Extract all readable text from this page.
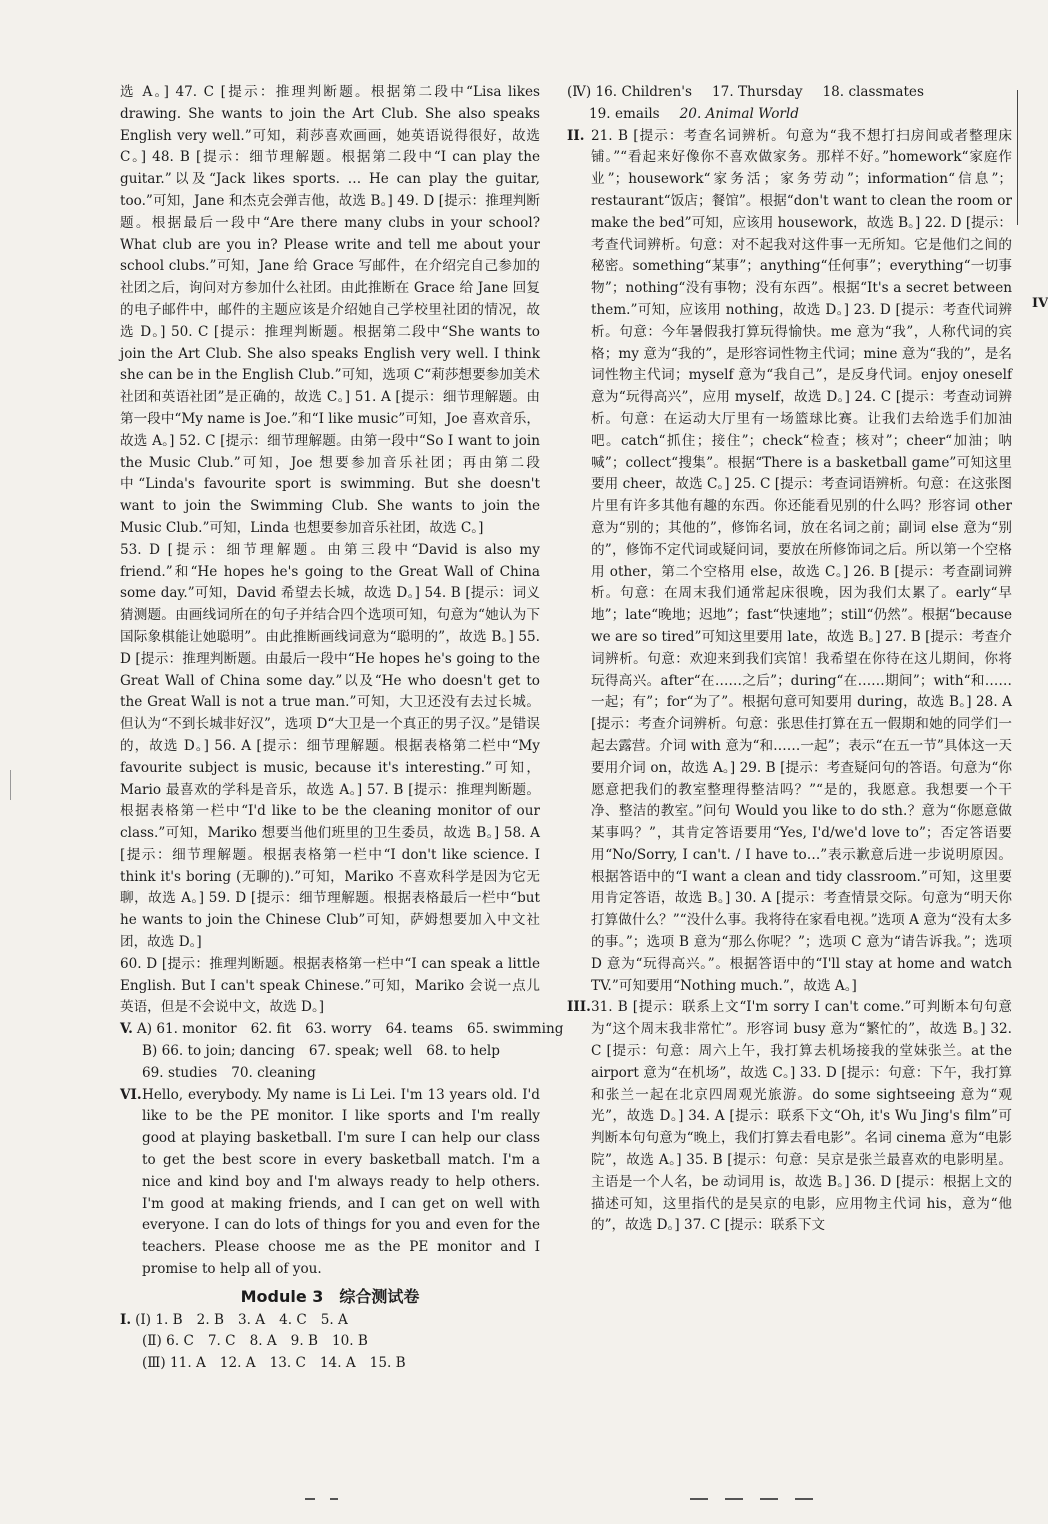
IV

选 A。] 47. C [提示：推理判断题。根据第二段中“Lisa likes drawing. She wants to join the Art Club. She also speaks English very well.”可知，莉莎喜欢画画，她英语说得很好，故选 C。] 48. B [提示：细节理解题。根据第二段中“I can play the guitar.”以及“Jack likes sports. … He can play the guitar, too.”可知，Jane 和杰克会弹吉他，故选 B。] 49. D [提示：推理判断题。根据最后一段中“Are there many clubs in your school? What club are you in? Please write and tell me about your school clubs.”可知，Jane 给 Grace 写邮件，在介绍完自己参加的社团之后，询问对方参加什么社团。由此推断在 Grace 给 Jane 回复的电子邮件中，邮件的主题应该是介绍她自己学校里社团的情况，故选 D。] 50. C [提示：推理判断题。根据第二段中“She wants to join the Art Club. She also speaks English very well. I think she can be in the English Club.”可知，选项 C“莉莎想要参加美术社团和英语社团”是正确的，故选 C。] 51. A [提示：细节理解题。由第一段中“My name is Joe.”和“I like music”可知，Joe 喜欢音乐，故选 A。] 52. C [提示：细节理解题。由第一段中“So I want to join the Music Club.”可知，Joe 想要参加音乐社团；再由第二段中“Linda's favourite sport is swimming. But she doesn't want to join the Swimming Club. She wants to join the Music Club.”可知，Linda 也想要参加音乐社团，故选 C。]

53. D [提示：细节理解题。由第三段中“David is also my friend.”和“He hopes he's going to the Great Wall of China some day.”可知，David 希望去长城，故选 D。] 54. B [提示：词义猜测题。由画线词所在的句子并结合四个选项可知，句意为“她认为下国际象棋能让她聪明”。由此推断画线词意为“聪明的”，故选 B。] 55. D [提示：推理判断题。由最后一段中“He hopes he's going to the Great Wall of China some day.”以及“He who doesn't get to the Great Wall is not a true man.”可知，大卫还没有去过长城。但认为“不到长城非好汉”，选项 D“大卫是一个真正的男子汉。”是错误的，故选 D。] 56. A [提示：细节理解题。根据表格第二栏中“My favourite subject is music, because it's interesting.”可知，Mario 最喜欢的学科是音乐，故选 A。] 57. B [提示：推理判断题。根据表格第一栏中“I'd like to be the cleaning monitor of our class.”可知，Mariko 想要当他们班里的卫生委员，故选 B。] 58. A [提示：细节理解题。根据表格第一栏中“I don't like science. I think it's boring (无聊的).”可知，Mariko 不喜欢科学是因为它无聊，故选 A。] 59. D [提示：细节理解题。根据表格最后一栏中“but he wants to join the Chinese Club”可知，萨姆想要加入中文社团，故选 D。]

60. D [提示：推理判断题。根据表格第一栏中“I can speak a little English. But I can't speak Chinese.”可知，Mariko 会说一点儿英语，但是不会说中文，故选 D。]

V. A) 61. monitor 62. fit 63. worry 64. teams 65. swimming

B) 66. to join; dancing 67. speak; well 68. to help

69. studies 70. cleaning

VI. Hello, everybody. My name is Li Lei. I'm 13 years old. I'd like to be the PE monitor. I like sports and I'm really good at playing basketball. I'm sure I can help our class to get the best score in every basketball match. I'm a nice and kind boy and I'm always ready to help others. I'm good at making friends, and I can get on well with everyone. I can do lots of things for you and even for the teachers. Please choose me as the PE monitor and I promise to help all of you.

Module 3　综合测试卷

I. (Ⅰ) 1. B 2. B 3. A 4. C 5. A

(Ⅱ) 6. C 7. C 8. A 9. B 10. B

(Ⅲ) 11. A 12. A 13. C 14. A 15. B

(Ⅳ) 16. Children's 17. Thursday 18. classmates

19. emails 20. Animal World

II. 21. B [提示：考查名词辨析。句意为“我不想打扫房间或者整理床铺。”“看起来好像你不喜欢做家务。那样不好。”homework“家庭作业”；housework“家务活；家务劳动”；information“信息”；restaurant“饭店；餐馆”。根据“don't want to clean the room or make the bed”可知，应该用 housework，故选 B。] 22. D [提示：考查代词辨析。句意：对不起我对这件事一无所知。它是他们之间的秘密。something“某事”；anything“任何事”；everything“一切事物”；nothing“没有事物；没有东西”。根据“It's a secret between them.”可知，应该用 nothing，故选 D。] 23. D [提示：考查代词辨析。句意：今年暑假我打算玩得愉快。me 意为“我”，人称代词的宾格；my 意为“我的”，是形容词性物主代词；mine 意为“我的”，是名词性物主代词；myself 意为“我自己”，是反身代词。enjoy oneself 意为“玩得高兴”，应用 myself，故选 D。] 24. C [提示：考查动词辨析。句意：在运动大厅里有一场篮球比赛。让我们去给选手们加油吧。catch“抓住；接住”；check“检查；核对”；cheer“加油；呐喊”；collect“搜集”。根据“There is a basketball game”可知这里要用 cheer，故选 C。] 25. C [提示：考查词语辨析。句意：在这张图片里有许多其他有趣的东西。你还能看见别的什么吗？形容词 other 意为“别的；其他的”，修饰名词，放在名词之前；副词 else 意为“别的”，修饰不定代词或疑问词，要放在所修饰词之后。所以第一个空格用 other，第二个空格用 else，故选 C。] 26. B [提示：考查副词辨析。句意：在周末我们通常起床很晚，因为我们太累了。early“早地”；late“晚地；迟地”；fast“快速地”；still“仍然”。根据“because we are so tired”可知这里要用 late，故选 B。] 27. B [提示：考查介词辨析。句意：欢迎来到我们宾馆！我希望在你待在这儿期间，你将玩得高兴。after“在……之后”；during“在……期间”；with“和……一起；有”；for“为了”。根据句意可知要用 during，故选 B。] 28. A [提示：考查介词辨析。句意：张思佳打算在五一假期和她的同学们一起去露营。介词 with 意为“和……一起”；表示“在五一节”具体这一天要用介词 on，故选 A。] 29. B [提示：考查疑问句的答语。句意为“你愿意把我们的教室整理得整洁吗？”“是的，我愿意。我想要一个干净、整洁的教室。”问句 Would you like to do sth.？意为“你愿意做某事吗？”，其肯定答语要用“Yes, I'd/we'd love to”；否定答语要用“No/Sorry, I can't. / I have to…”表示歉意后进一步说明原因。根据答语中的“I want a clean and tidy classroom.”可知，这里要用肯定答语，故选 B。] 30. A [提示：考查情景交际。句意为“明天你打算做什么？”“没什么事。我将待在家看电视。”选项 A 意为“没有太多的事。”；选项 B 意为“那么你呢？”；选项 C 意为“请告诉我。”；选项 D 意为“玩得高兴。”。根据答语中的“I'll stay at home and watch TV.”可知要用“Nothing much.”，故选 A。]

III. 31. B [提示：联系上文“I'm sorry I can't come.”可判断本句句意为“这个周末我非常忙”。形容词 busy 意为“繁忙的”，故选 B。] 32. C [提示：句意：周六上午，我打算去机场接我的堂妹张兰。at the airport 意为“在机场”，故选 C。] 33. D [提示：句意：下午，我打算和张兰一起在北京四周观光旅游。do some sightseeing 意为“观光”，故选 D。] 34. A [提示：联系下文“Oh, it's Wu Jing's film”可判断本句句意为“晚上，我们打算去看电影”。名词 cinema 意为“电影院”，故选 A。] 35. B [提示：句意：吴京是张兰最喜欢的电影明星。主语是一个人名，be 动词用 is，故选 B。] 36. D [提示：根据上文的描述可知，这里指代的是吴京的电影，应用物主代词 his，意为“他的”，故选 D。] 37. C [提示：联系下文
